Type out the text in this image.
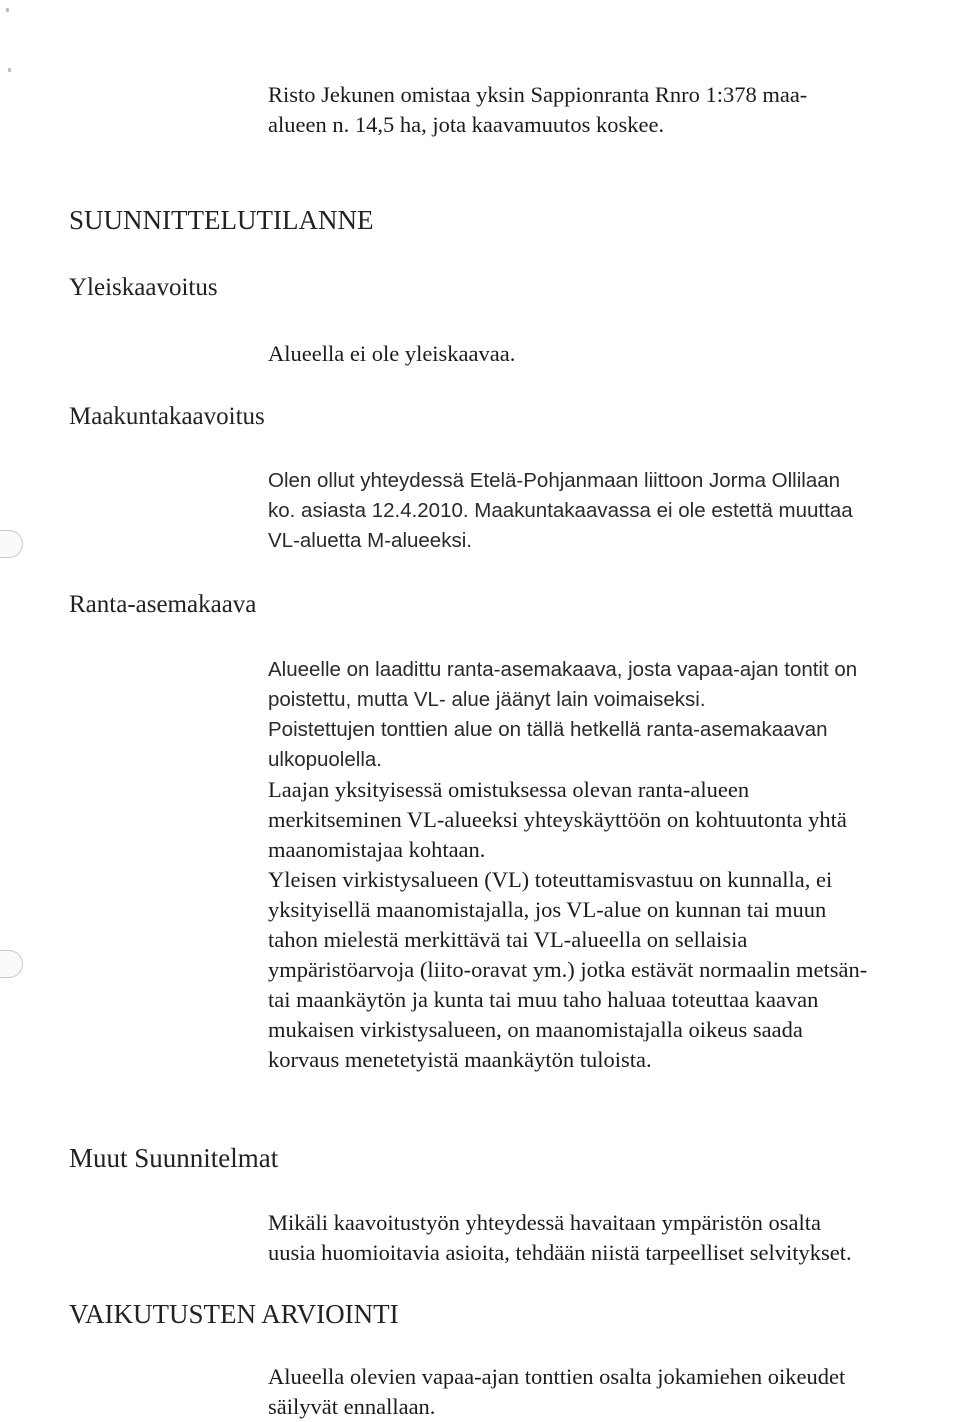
Risto Jekunen omistaa yksin Sappionranta Rnro 1:378 maa-
alueen n. 14,5 ha, jota kaavamuutos koskee.
SUUNNITTELUTILANNE
Yleiskaavoitus
Alueella ei ole yleiskaavaa.
Maakuntakaavoitus
Olen ollut yhteydessä Etelä-Pohjanmaan liittoon Jorma Ollilaan
ko. asiasta 12.4.2010. Maakuntakaavassa ei ole estettä muuttaa
VL-aluetta M-alueeksi.
Ranta-asemakaava
Alueelle on laadittu ranta-asemakaava, josta vapaa-ajan tontit on
poistettu, mutta VL- alue jäänyt lain voimaiseksi.
Poistettujen tonttien alue on tällä hetkellä ranta-asemakaavan
ulkopuolella.
Laajan yksityisessä omistuksessa olevan ranta-alueen
merkitseminen VL-alueeksi yhteyskäyttöön on kohtuutonta yhtä
maanomistajaa kohtaan.
Yleisen virkistysalueen (VL) toteuttamisvastuu on kunnalla, ei
yksityisellä maanomistajalla, jos VL-alue on kunnan tai muun
tahon mielestä merkittävä tai VL-alueella on sellaisia
ympäristöarvoja (liito-oravat ym.) jotka estävät normaalin metsän-
tai maankäytön ja kunta tai muu taho haluaa toteuttaa kaavan
mukaisen virkistysalueen, on maanomistajalla oikeus saada
korvaus menetetyistä maankäytön tuloista.
Muut Suunnitelmat
Mikäli kaavoitustyön yhteydessä havaitaan ympäristön osalta
uusia huomioitavia asioita, tehdään niistä tarpeelliset selvitykset.
VAIKUTUSTEN ARVIOINTI
Alueella olevien vapaa-ajan tonttien osalta jokamiehen oikeudet
säilyvät ennallaan.
